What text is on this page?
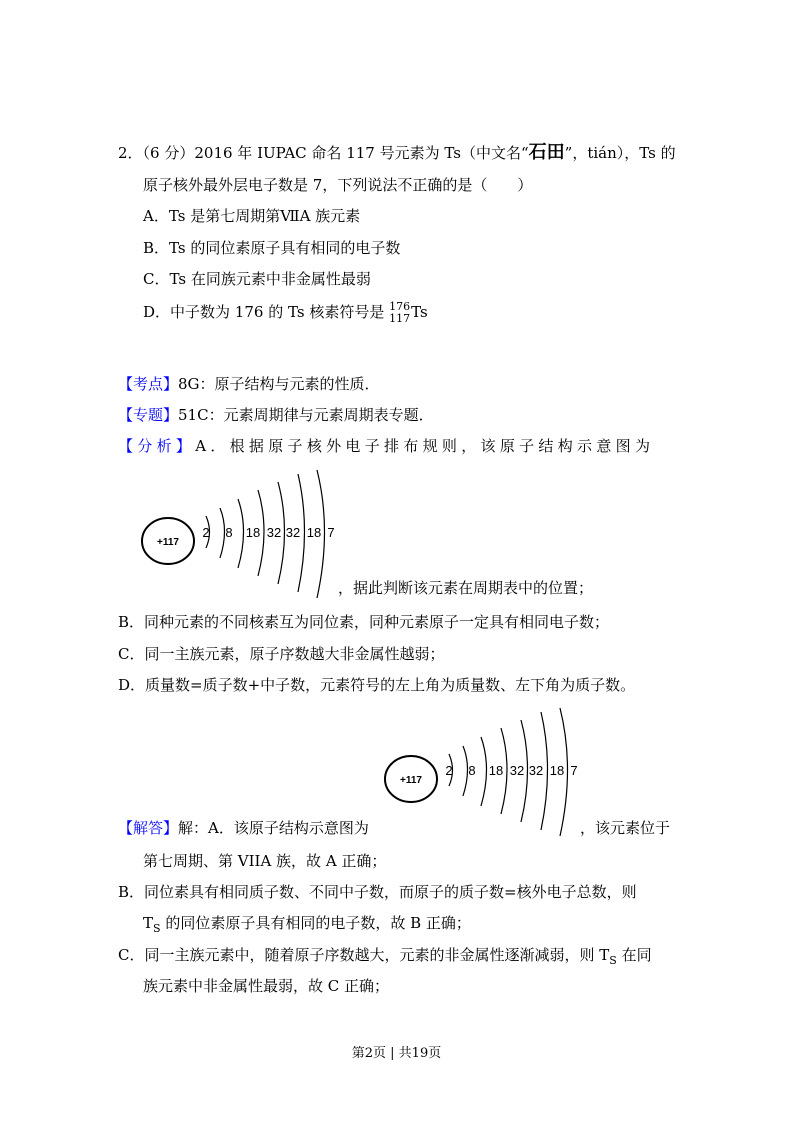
2．（6 分）2016 年 IUPAC 命名 117 号元素为 Ts（中文名“石田”，tián），Ts 的
原子核外最外层电子数是 7，下列说法不正确的是（　　）
A．Ts 是第七周期第ⅦA 族元素
B．Ts 的同位素原子具有相同的电子数
C．Ts 在同族元素中非金属性最弱
D．中子数为 176 的 Ts 核素符号是 176
117 Ts
【考点】8G：原子结构与元素的性质．
【专题】51C：元素周期律与元素周期表专题．
【分析】A．根据原子核外电子排布规则，该原子结构示意图为
+117
2 8 18 32 32 18 7
，据此判断该元素在周期表中的位置；
B．同种元素的不同核素互为同位素，同种元素原子一定具有相同电子数；
C．同一主族元素，原子序数越大非金属性越弱；
D．质量数=质子数+中子数，元素符号的左上角为质量数、左下角为质子数。
+117
2 8 18 32 32 18 7
【解答】解：A．该原子结构示意图为	，该元素位于
第七周期、第 VIIA 族，故 A 正确；
B．同位素具有相同质子数、不同中子数，而原子的质子数=核外电子总数，则
$T_S$ 的同位素原子具有相同的电子数，故 B 正确；
C．同一主族元素中，随着原子序数越大，元素的非金属性逐渐减弱，则 $T_S$ 在同
族元素中非金属性最弱，故 C 正确；
第2页 | 共19页
